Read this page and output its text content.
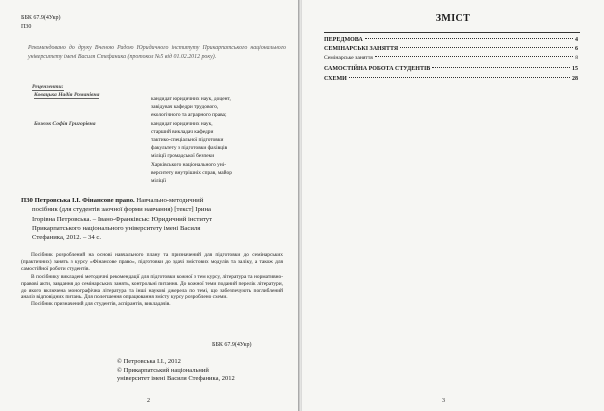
ББК 67.9(4Укр)
П30
Рекомендовано до друку Вченою Радою Юридичного інституту Прикарпатського національного університету імені Василя Стефаника (протокол №5 від 01.02.2012 року).
Рецензенти:
Ковацька Надія Романівна
Божок Софія Григорівна
кандидат юридичних наук, доцент,
завідувач кафедри трудового,
екологічного та аграрного права;
кандидат юридичних наук,
старший викладач кафедри
тактико-спеціальної підготовки
факультету з підготовки фахівців
міліції громадської безпеки
Харківського національного уні-
верситету внутрішніх справ, майор
міліції
П30 Петровська І.І. Фінансове право. Навчально-методичний
посібник (для студентів заочної форми навчання) [текст] Ірина
Ігорівна Петровська. – Івано-Франківськ: Юридичний інститут
Прикарпатського національного університету імені Василя
Стефаника, 2012. – 34 с.
Посібник розроблений на основі навчального плану та призначений для підготовки до семінарських (практичних) занять з курсу «Фінансове право», підготовки до здачі змістових модулів та заліку, а також для самостійної роботи студентів.
В посібнику викладені методичні рекомендації для підготовки кожної з тем курсу, література та нормативно-правові акти, завдання до семінарських занять, контрольні питання. До кожної теми поданий перелік літератури, до якого включена монографічна література та інші наукові джерела по темі, що забезпечують поглиблений аналіз відповідних питань. Для полегшення опрацювання змісту курсу розроблено схеми.
Посібник призначений для студентів, аспірантів, викладачів.
ББК 67.9(4Укр)
© Петровська І.І., 2012
© Прикарпатський національний
університет імені Василя Стефаника, 2012
2
ЗМІСТ
ПЕРЕДМОВА	4
СЕМІНАРСЬКІ ЗАНЯТТЯ	6
Семінарське заняття	8
САМОСТІЙНА РОБОТА СТУДЕНТІВ	15
СХЕМИ	28
3
